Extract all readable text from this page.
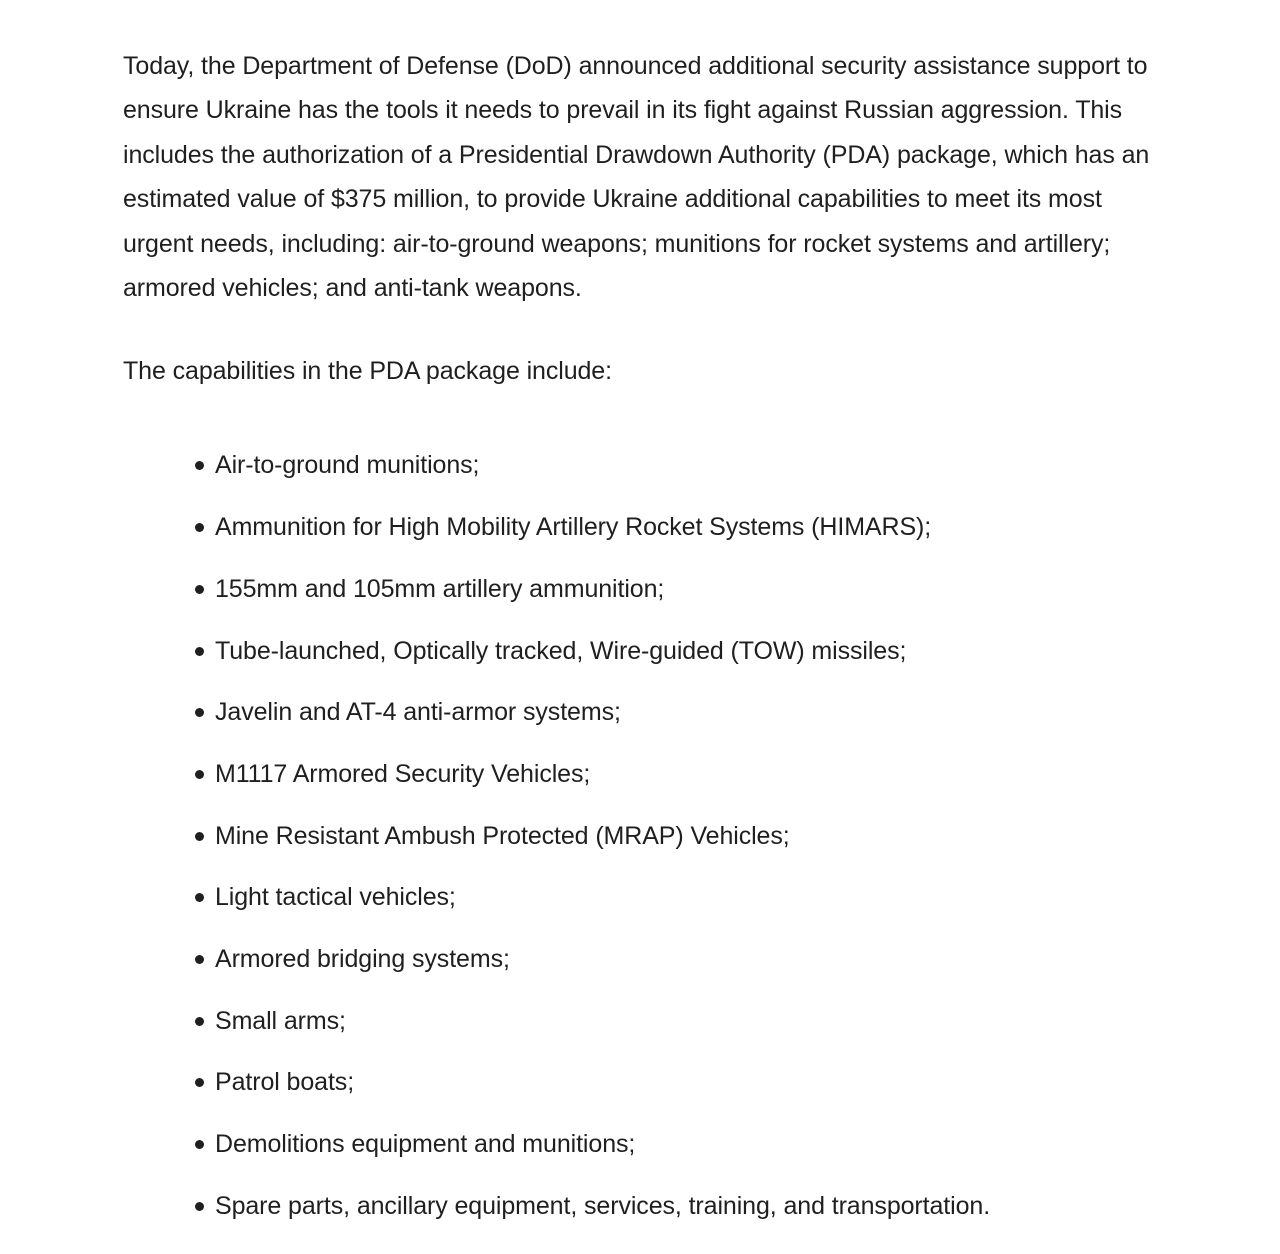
Today, the Department of Defense (DoD) announced additional security assistance support to ensure Ukraine has the tools it needs to prevail in its fight against Russian aggression. This includes the authorization of a Presidential Drawdown Authority (PDA) package, which has an estimated value of $375 million, to provide Ukraine additional capabilities to meet its most urgent needs, including: air-to-ground weapons; munitions for rocket systems and artillery; armored vehicles; and anti-tank weapons.

The capabilities in the PDA package include:

Air-to-ground munitions;
Ammunition for High Mobility Artillery Rocket Systems (HIMARS);
155mm and 105mm artillery ammunition;
Tube-launched, Optically tracked, Wire-guided (TOW) missiles;
Javelin and AT-4 anti-armor systems;
M1117 Armored Security Vehicles;
Mine Resistant Ambush Protected (MRAP) Vehicles;
Light tactical vehicles;
Armored bridging systems;
Small arms;
Patrol boats;
Demolitions equipment and munitions;
Spare parts, ancillary equipment, services, training, and transportation.
